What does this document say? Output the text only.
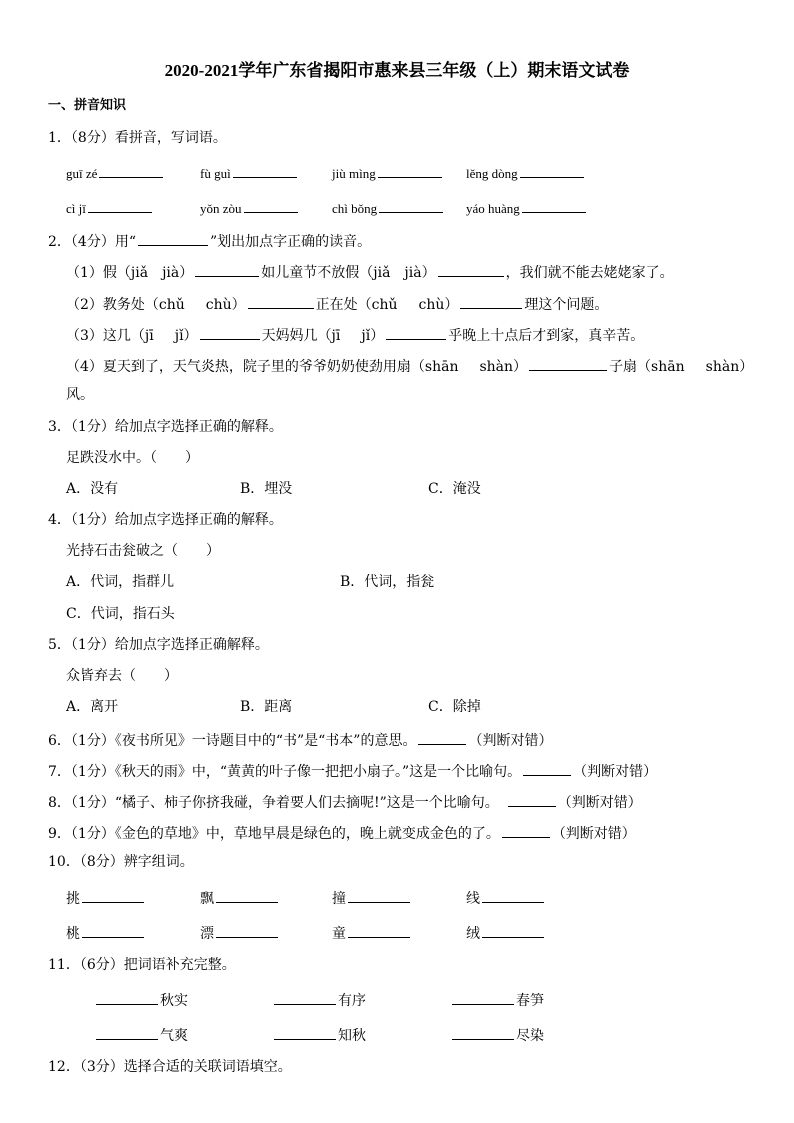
2020-2021学年广东省揭阳市惠来县三年级（上）期末语文试卷
一、拼音知识
1．（8分）看拼音，写词语。
guī zé	fù guì	jiù mìng	lěng dòng
cì jī	yǒn zòu	chì bǒng	yáo huàng
2．（4分）用“	”划出加点字正确的读音。
（1）假（jiǎ  jià）	如儿童节不放假（jiǎ  jià）	，我们就不能去姥姥家了。
（2）教务处（chǔ   chù）	正在处（chǔ   chù）	理这个问题。
（3）这几（jī   jǐ）	天妈妈几（jī   jǐ）	乎晚上十点后才到家，真辛苦。
（4）夏天到了，天气炎热，院子里的爷爷奶奶使劲用扇（shān   shàn）	子扇（shān   shàn）
风。
3．（1分）给加点字选择正确的解释。
足跌没水中。（　　）
A．没有	B．埋没	C．淹没
4．（1分）给加点字选择正确的解释。
光持石击瓮破之（　　）
A．代词，指群儿	B．代词，指瓮
C．代词，指石头
5．（1分）给加点字选择正确解释。
众皆弃去（　　）
A．离开	B．距离	C．除掉
6．（1分）《夜书所见》一诗题目中的“书”是“书本”的意思。	（判断对错）
7．（1分）《秋天的雨》中，“黄黄的叶子像一把把小扇子。”这是一个比喻句。	（判断对错）
8．（1分）“橘子、柿子你挤我碰，争着要人们去摘呢!”这是一个比喻句。 	（判断对错）
9．（1分）《金色的草地》中，草地早晨是绿色的，晚上就变成金色的了。	（判断对错）
10．（8分）辨字组词。
挑	飘	撞	线
桃	漂	童	绒
11．（6分）把词语补充完整。
秋实	有序	春笋
气爽	知秋	尽染
12．（3分）选择合适的关联词语填空。
